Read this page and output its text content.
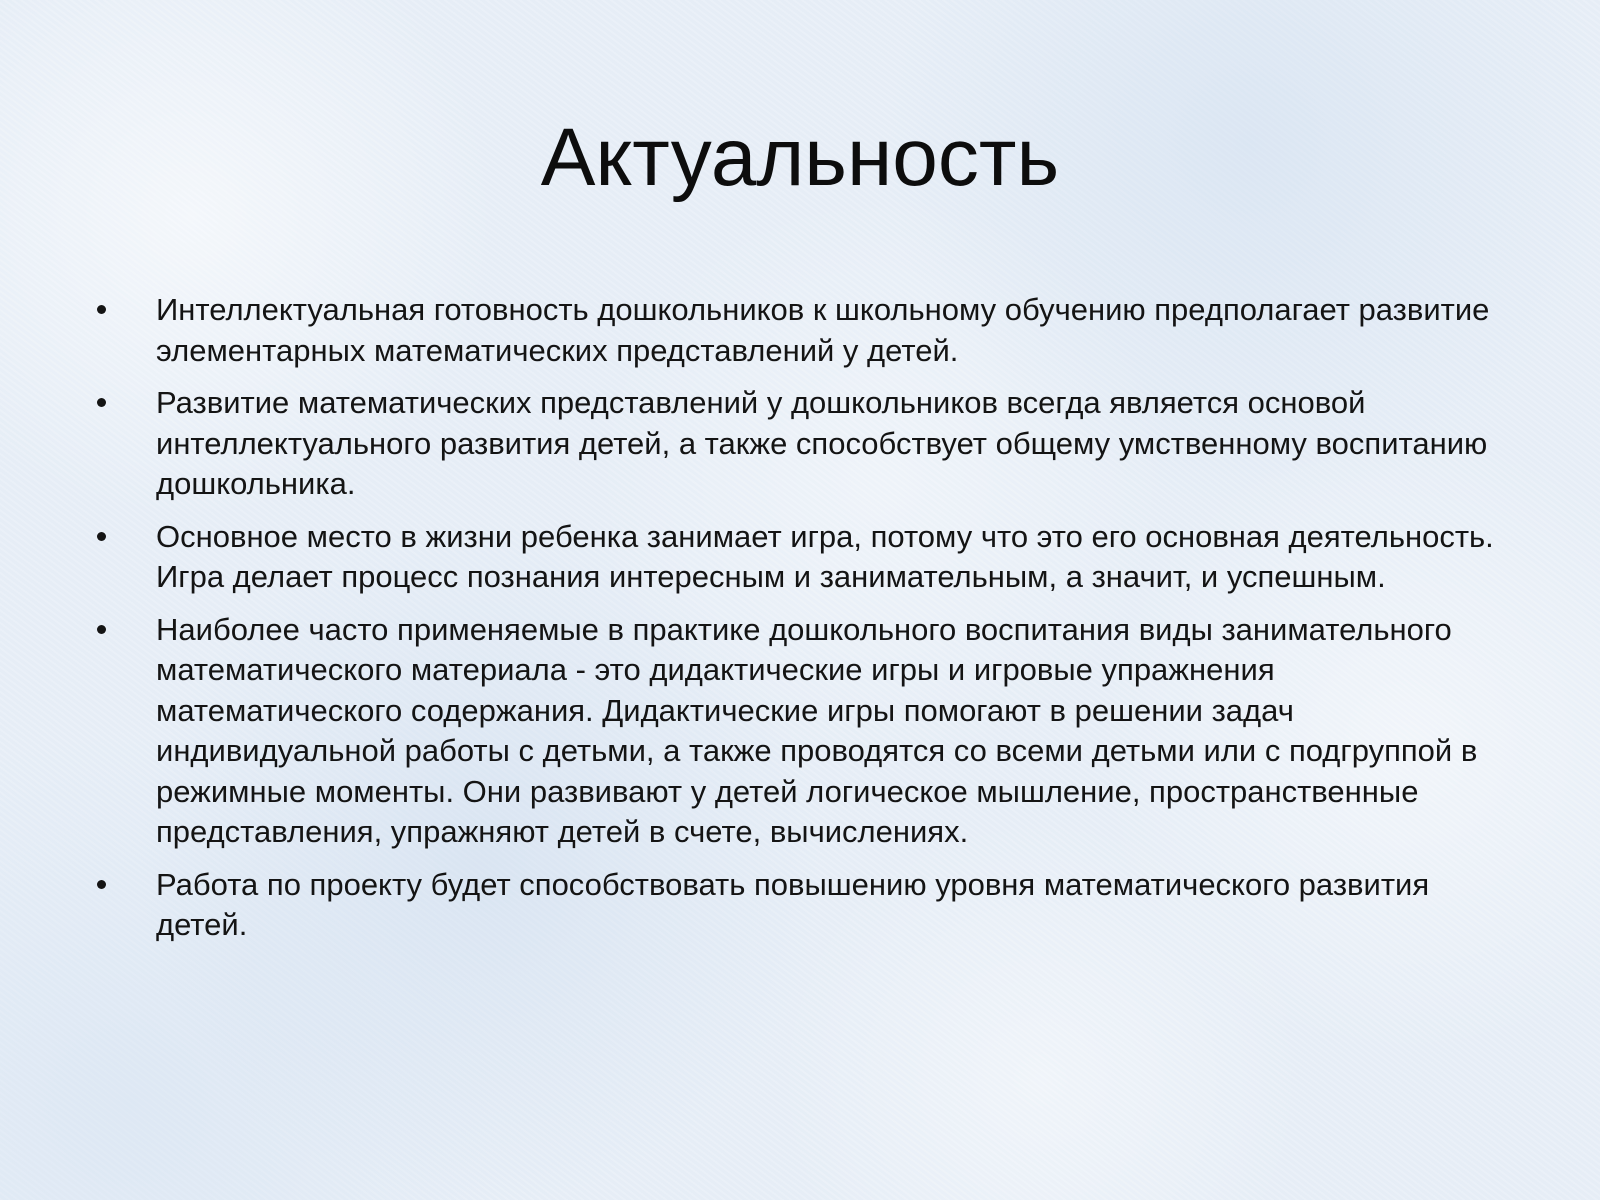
Актуальность
Интеллектуальная готовность дошкольников к школьному обучению предполагает развитие элементарных математических представлений у детей.
Развитие математических представлений у дошкольников всегда является основой интеллектуального развития детей, а также способствует общему умственному воспитанию дошкольника.
Основное место в жизни ребенка занимает игра, потому что это его основная деятельность. Игра делает процесс познания интересным и занимательным, а значит, и успешным.
Наиболее часто применяемые в практике дошкольного воспитания виды занимательного математического материала - это дидактические игры и игровые упражнения математического содержания. Дидактические игры помогают в решении задач индивидуальной работы с детьми, а также проводятся со всеми детьми или с подгруппой в режимные моменты. Они развивают у детей логическое мышление, пространственные представления, упражняют детей в счете, вычислениях.
Работа по проекту будет способствовать повышению уровня математического развития детей.
